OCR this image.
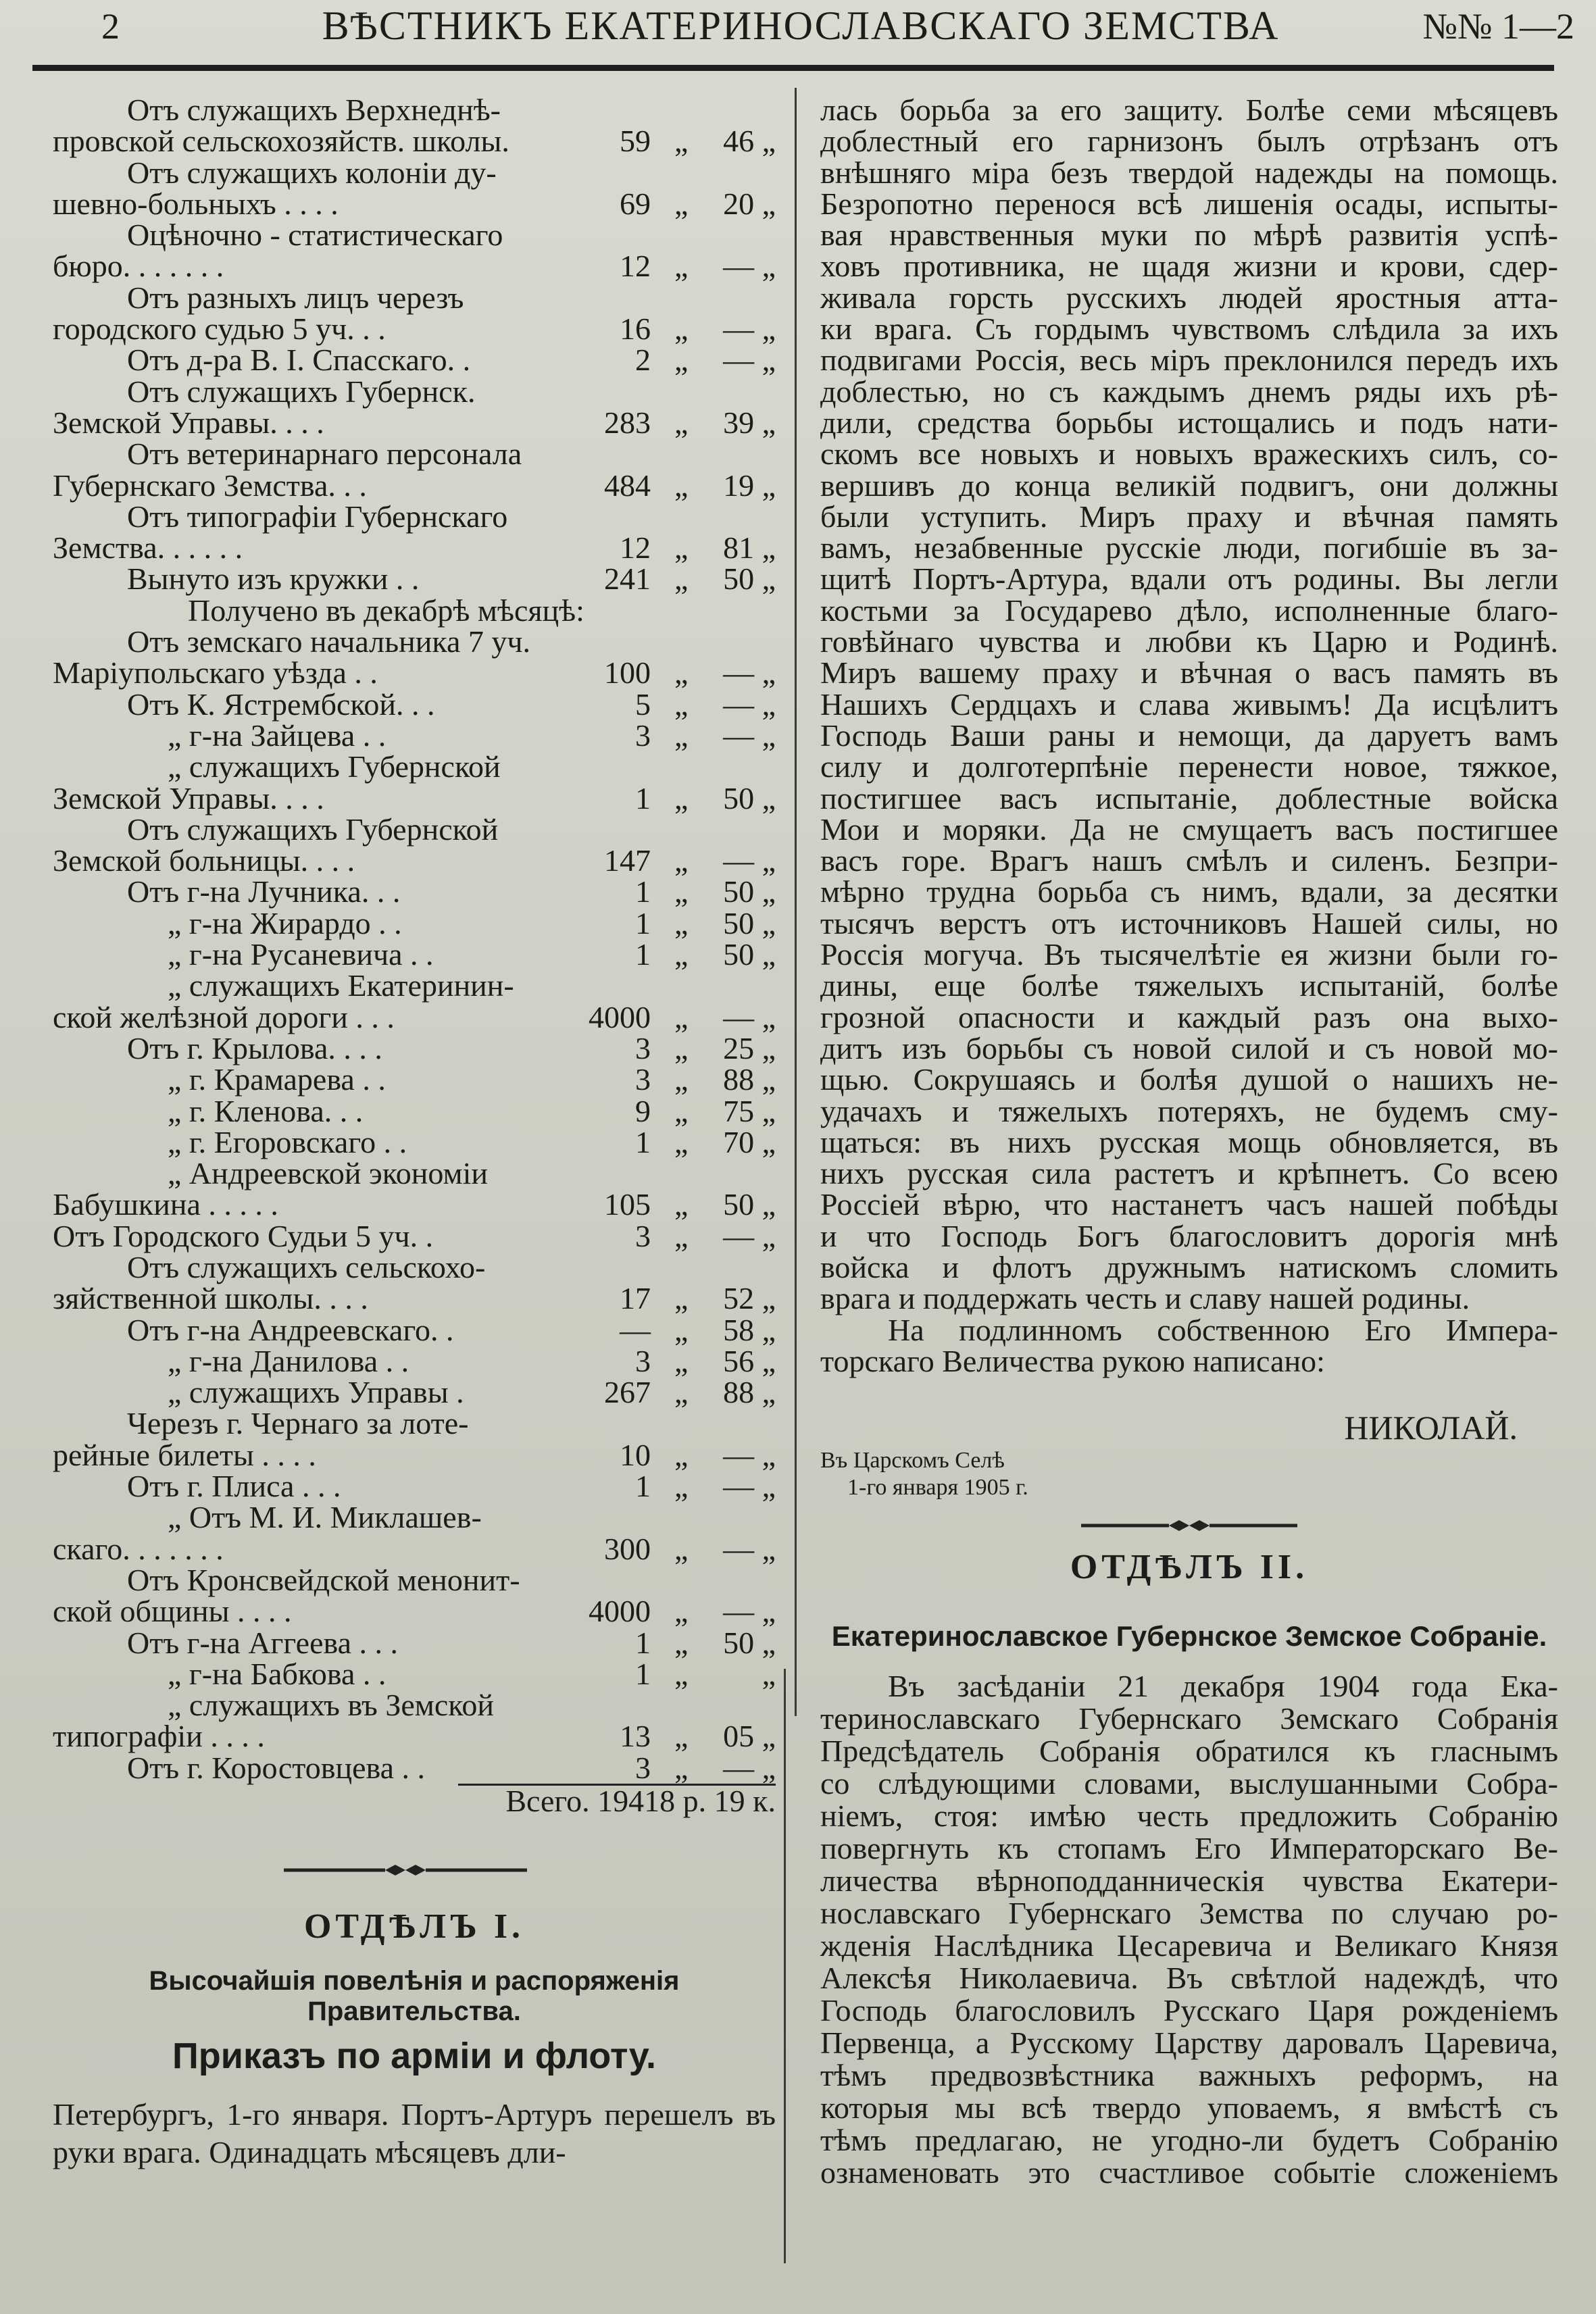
2	ВѢСТНИКЪ ЕКАТЕРИНОСЛАВСКАГО ЗЕМСТВА	№№ 1—2
Отъ служащихъ Верхнеднѣ-
провской сельскохозяйств. школы.	59 „ 46 „
Отъ служащихъ колоніи ду-
шевно-больныхъ . . . .	69 „ 20 „
Оцѣночно - статистическаго
бюро. . . . . . .	12 „ — „
Отъ разныхъ лицъ черезъ
городского судью 5 уч. . .	16 „ — „
Отъ д-ра В. І. Спасскаго. .	2 „ — „
Отъ служащихъ Губернск.
Земской Управы. . . .	283 „ 39 „
Отъ ветеринарнаго персонала
Губернскаго Земства. . .	484 „ 19 „
Отъ типографіи Губернскаго
Земства. . . . . .	12 „ 81 „
Вынуто изъ кружки . .	241 „ 50 „
Получено въ декабрѣ мѣсяцѣ:
Отъ земскаго начальника 7 уч.
Маріупольскаго уѣзда . .	100 „ — „
Отъ К. Ястрембской. . .	5 „ — „
„ г-на Зайцева . .	3 „ — „
„ служащихъ Губернской
Земской Управы. . . .	1 „ 50 „
Отъ служащихъ Губернской
Земской больницы. . . .	147 „ — „
Отъ г-на Лучника. . .	1 „ 50 „
„ г-на Жирардо . .	1 „ 50 „
„ г-на Русаневича . .	1 „ 50 „
„ служащихъ Екатеринин-
ской желѣзной дороги . . .	4000 „ — „
Отъ г. Крылова. . . .	3 „ 25 „
„ г. Крамарева . .	3 „ 88 „
„ г. Кленова. . .	9 „ 75 „
„ г. Егоровскаго . .	1 „ 70 „
„ Андреевской экономіи
Бабушкина . . . . .	105 „ 50 „
Отъ Городского Судьи 5 уч. .	3 „ — „
Отъ служащихъ сельскохо-
зяйственной школы. . . .	17 „ 52 „
Отъ г-на Андреевскаго. .	— „ 58 „
„ г-на Данилова . .	3 „ 56 „
„ служащихъ Управы .	267 „ 88 „
Черезъ г. Чернаго за лоте-
рейные билеты . . . .	10 „ — „
Отъ г. Плиса . . .	1 „ — „
„ Отъ М. И. Миклашев-
скаго. . . . . . .	300 „ — „
Отъ Кронсвейдской менонит-
ской общины . . . .	4000 „ — „
Отъ г-на Аггеева . . .	1 „ 50 „
„ г-на Бабкова . .	1 „ „
„ служащихъ въ Земской
типографіи . . . .	13 „ 05 „
Отъ г. Коростовцева . .	3 „ — „
Всего. 19418 р. 19 к.
ОТДѢЛЪ I.
Высочайшія повелѣнія и распоряженія Правительства.
Приказъ по арміи и флоту.
Петербургъ, 1-го января. Портъ-Артуръ перешелъ въ руки врага. Одинадцать мѣсяцевъ дли-
лась борьба за его защиту. Болѣе семи мѣсяцевъ
доблестный его гарнизонъ былъ отрѣзанъ отъ
внѣшняго міра безъ твердой надежды на помощь.
Безропотно перенося всѣ лишенія осады, испыты-
вая нравственныя муки по мѣрѣ развитія успѣ-
ховъ противника, не щадя жизни и крови, сдер-
живала горсть русскихъ людей яростныя атта-
ки врага. Съ гордымъ чувствомъ слѣдила за ихъ
подвигами Россія, весь міръ преклонился передъ ихъ
доблестью, но съ каждымъ днемъ ряды ихъ рѣ-
дили, средства борьбы истощались и подъ нати-
скомъ все новыхъ и новыхъ вражескихъ силъ, со-
вершивъ до конца великій подвигъ, они должны
были уступить. Миръ праху и вѣчная память
вамъ, незабвенные русскіе люди, погибшіе въ за-
щитѣ Портъ-Артура, вдали отъ родины. Вы легли
костьми за Государево дѣло, исполненные благо-
говѣйнаго чувства и любви къ Царю и Родинѣ.
Миръ вашему праху и вѣчная о васъ память въ
Нашихъ Сердцахъ и слава живымъ! Да исцѣлитъ
Господь Ваши раны и немощи, да даруетъ вамъ
силу и долготерпѣніе перенести новое, тяжкое,
постигшее васъ испытаніе, доблестные войска
Мои и моряки. Да не смущаетъ васъ постигшее
васъ горе. Врагъ нашъ смѣлъ и силенъ. Безпри-
мѣрно трудна борьба съ нимъ, вдали, за десятки
тысячъ верстъ отъ источниковъ Нашей силы, но
Россія могуча. Въ тысячелѣтіе ея жизни были го-
дины, еще болѣе тяжелыхъ испытаній, болѣе
грозной опасности и каждый разъ она выхо-
дитъ изъ борьбы съ новой силой и съ новой мо-
щью. Сокрушаясь и болѣя душой о нашихъ не-
удачахъ и тяжелыхъ потеряхъ, не будемъ сму-
щаться: въ нихъ русская мощь обновляется, въ
нихъ русская сила растетъ и крѣпнетъ. Со всею
Россіей вѣрю, что настанетъ часъ нашей побѣды
и что Господь Богъ благословитъ дорогія мнѣ
войска и флотъ дружнымъ натискомъ сломить
врага и поддержать честь и славу нашей родины.
На подлинномъ собственною Его Импера-
торскаго Величества рукою написано:
НИКОЛАЙ.
Въ Царскомъ Селѣ
1-го января 1905 г.
ОТДѢЛЪ II.
Екатеринославское Губернское Земское Собраніе.
Въ засѣданіи 21 декабря 1904 года Ека-
теринославскаго Губернскаго Земскаго Собранія
Предсѣдатель Собранія обратился къ гласнымъ
со слѣдующими словами, выслушанными Собра-
ніемъ, стоя: имѣю честь предложить Собранію
повергнуть къ стопамъ Его Императорскаго Ве-
личества вѣрноподданническія чувства Екатери-
нославскаго Губернскаго Земства по случаю ро-
жденія Наслѣдника Цесаревича и Великаго Князя
Алексѣя Николаевича. Въ свѣтлой надеждѣ, что
Господь благословилъ Русскаго Царя рожденіемъ
Первенца, а Русскому Царству даровалъ Царевича,
тѣмъ предвозвѣстника важныхъ реформъ, на
которыя мы всѣ твердо уповаемъ, я вмѣстѣ съ
тѣмъ предлагаю, не угодно-ли будетъ Собранію
ознаменовать это счастливое событіе сложеніемъ
